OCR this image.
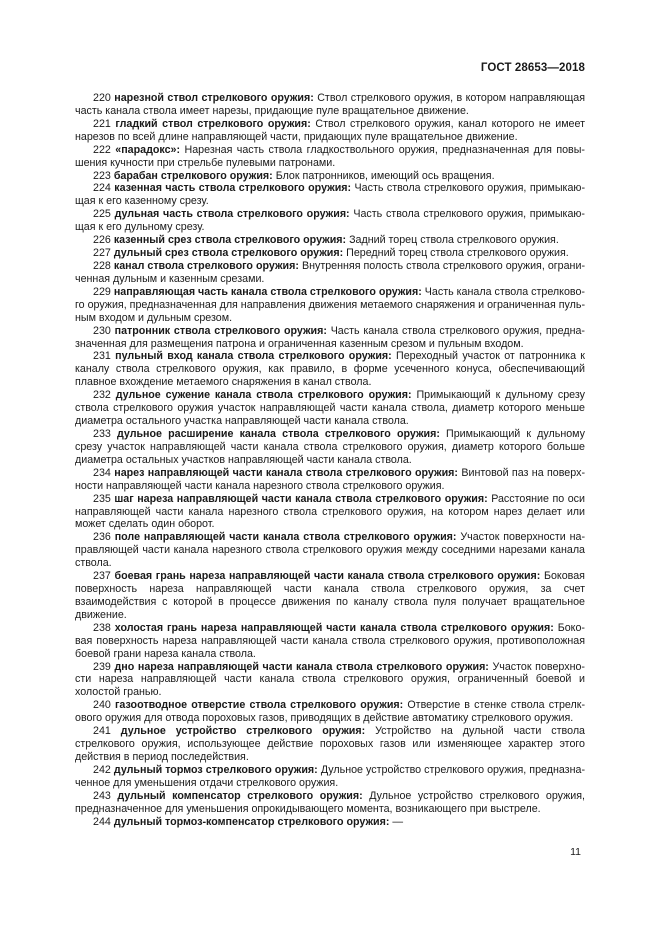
ГОСТ 28653—2018

220 нарезной ствол стрелкового оружия: Ствол стрелкового оружия, в котором направляющая часть канала ствола имеет нарезы, придающие пуле вращательное движение.

221 гладкий ствол стрелкового оружия: Ствол стрелкового оружия, канал которого не имеет нарезов по всей длине направляющей части, придающих пуле вращательное движение.

222 «парадокс»: Нарезная часть ствола гладкоствольного оружия, предназначенная для повышения кучности при стрельбе пулевыми патронами.

223 барабан стрелкового оружия: Блок патронников, имеющий ось вращения.

224 казенная часть ствола стрелкового оружия: Часть ствола стрелкового оружия, примыкающая к его казенному срезу.

225 дульная часть ствола стрелкового оружия: Часть ствола стрелкового оружия, примыкающая к его дульному срезу.

226 казенный срез ствола стрелкового оружия: Задний торец ствола стрелкового оружия.

227 дульный срез ствола стрелкового оружия: Передний торец ствола стрелкового оружия.

228 канал ствола стрелкового оружия: Внутренняя полость ствола стрелкового оружия, ограниченная дульным и казенным срезами.

229 направляющая часть канала ствола стрелкового оружия: Часть канала ствола стрелкового оружия, предназначенная для направления движения метаемого снаряжения и ограниченная пульным входом и дульным срезом.

230 патронник ствола стрелкового оружия: Часть канала ствола стрелкового оружия, предназначенная для размещения патрона и ограниченная казенным срезом и пульным входом.

231 пульный вход канала ствола стрелкового оружия: Переходный участок от патронника к каналу ствола стрелкового оружия, как правило, в форме усеченного конуса, обеспечивающий плавное вхождение метаемого снаряжения в канал ствола.

232 дульное сужение канала ствола стрелкового оружия: Примыкающий к дульному срезу ствола стрелкового оружия участок направляющей части канала ствола, диаметр которого меньше диаметра остального участка направляющей части канала ствола.

233 дульное расширение канала ствола стрелкового оружия: Примыкающий к дульному срезу участок направляющей части канала ствола стрелкового оружия, диаметр которого больше диаметра остальных участков направляющей части канала ствола.

234 нарез направляющей части канала ствола стрелкового оружия: Винтовой паз на поверхности направляющей части канала нарезного ствола стрелкового оружия.

235 шаг нареза направляющей части канала ствола стрелкового оружия: Расстояние по оси направляющей части канала нарезного ствола стрелкового оружия, на котором нарез делает или может сделать один оборот.

236 поле направляющей части канала ствола стрелкового оружия: Участок поверхности направляющей части канала нарезного ствола стрелкового оружия между соседними нарезами канала ствола.

237 боевая грань нареза направляющей части канала ствола стрелкового оружия: Боковая поверхность нареза направляющей части канала ствола стрелкового оружия, за счет взаимодействия с которой в процессе движения по каналу ствола пуля получает вращательное движение.

238 холостая грань нареза направляющей части канала ствола стрелкового оружия: Боковая поверхность нареза направляющей части канала ствола стрелкового оружия, противоположная боевой грани нареза канала ствола.

239 дно нареза направляющей части канала ствола стрелкового оружия: Участок поверхности нареза направляющей части канала ствола стрелкового оружия, ограниченный боевой и холостой гранью.

240 газоотводное отверстие ствола стрелкового оружия: Отверстие в стенке ствола стрелкового оружия для отвода пороховых газов, приводящих в действие автоматику стрелкового оружия.

241 дульное устройство стрелкового оружия: Устройство на дульной части ствола стрелкового оружия, использующее действие пороховых газов или изменяющее характер этого действия в период последействия.

242 дульный тормоз стрелкового оружия: Дульное устройство стрелкового оружия, предназначенное для уменьшения отдачи стрелкового оружия.

243 дульный компенсатор стрелкового оружия: Дульное устройство стрелкового оружия, предназначенное для уменьшения опрокидывающего момента, возникающего при выстреле.

244 дульный тормоз-компенсатор стрелкового оружия: —

11
